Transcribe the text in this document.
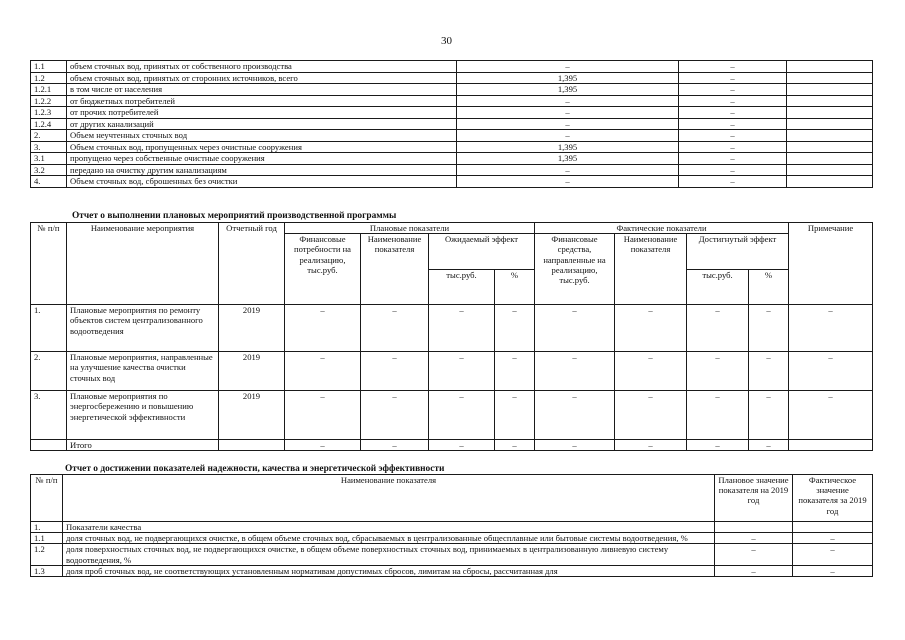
30
1.1	объем сточных вод, принятых от собственного производства	–	–	
1.2	объем сточных вод, принятых от сторонних источников, всего	1,395	–	
1.2.1	в том числе от населения	1,395	–	
1.2.2	от бюджетных потребителей	–	–	
1.2.3	от прочих потребителей	–	–	
1.2.4	от других канализаций	–	–	
2.	Объем неучтенных сточных вод	–	–	
3.	Объем сточных вод, пропущенных через очистные сооружения	1,395	–	
3.1	пропущено через собственные очистные сооружения	1,395	–	
3.2	передано на очистку другим канализациям	–	–	
4.	Объем сточных вод, сброшенных без очистки	–	–	
Отчет о выполнении плановых мероприятий производственной программы
№ п/п	Наименование мероприятия	Отчетный год	Плановые показатели				Фактические показатели				Примечание
			Финансовые потребности на реализацию, тыс.руб.	Наименование показателя	Ожидаемый эффект		Финансовые средства, направленные на реализацию, тыс.руб.	Наименование показателя	Достигнутый эффект		
					тыс.руб.	%			тыс.руб.	%	
1.	Плановые мероприятия по ремонту объектов систем централизованного водоотведения	2019	–	–	–	–	–	–	–	–	–
2.	Плановые мероприятия, направленные на улучшение качества очистки сточных вод	2019	–	–	–	–	–	–	–	–	–
3.	Плановые мероприятия по энергосбережению и повышению энергетической эффективности	2019	–	–	–	–	–	–	–	–	–
	Итого		–	–	–	–	–	–	–	–	
Отчет о достижении показателей надежности, качества и энергетической эффективности
№ п/п	Наименование показателя	Плановое значение показателя на 2019 год	Фактическое значение показателя за 2019 год
1.	Показатели качества		
1.1	доля сточных вод, не подвергающихся очистке, в общем объеме сточных вод, сбрасываемых в централизованные общесплавные или бытовые системы водоотведения, %	–	–
1.2	доля поверхностных сточных вод, не подвергающихся очистке, в общем объеме поверхностных сточных вод, принимаемых в централизованную ливневую систему водоотведения, %	–	–
1.3	доля проб сточных вод, не соответствующих установленным нормативам допустимых сбросов, лимитам на сбросы, рассчитанная для	–	–
